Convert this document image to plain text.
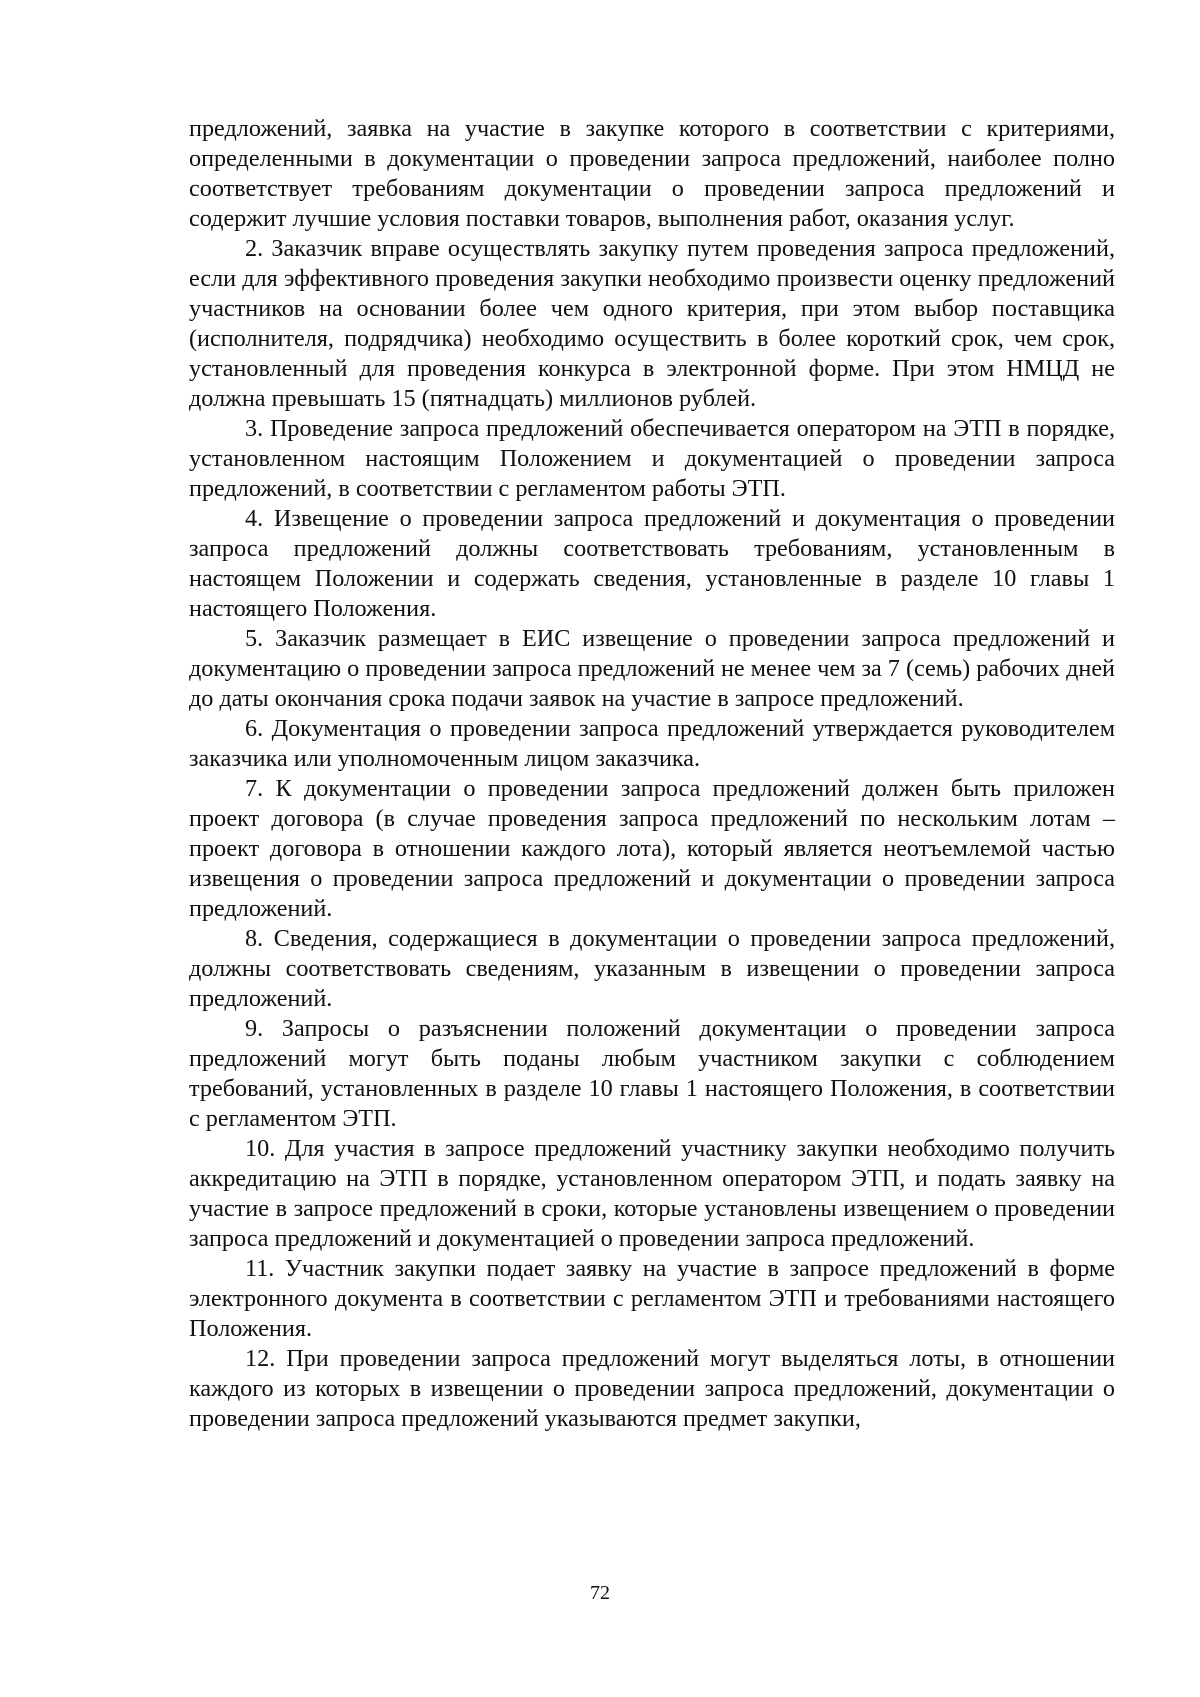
предложений, заявка на участие в закупке которого в соответствии с критериями, определенными в документации о проведении запроса предложений, наиболее полно соответствует требованиям документации о проведении запроса предложений и содержит лучшие условия поставки товаров, выполнения работ, оказания услуг.

2. Заказчик вправе осуществлять закупку путем проведения запроса предложений, если для эффективного проведения закупки необходимо произвести оценку предложений участников на основании более чем одного критерия, при этом выбор поставщика (исполнителя, подрядчика) необходимо осуществить в более короткий срок, чем срок, установленный для проведения конкурса в электронной форме. При этом НМЦД не должна превышать 15 (пятнадцать) миллионов рублей.

3. Проведение запроса предложений обеспечивается оператором на ЭТП в порядке, установленном настоящим Положением и документацией о проведении запроса предложений, в соответствии с регламентом работы ЭТП.

4. Извещение о проведении запроса предложений и документация о проведении запроса предложений должны соответствовать требованиям, установленным в настоящем Положении и содержать сведения, установленные в разделе 10 главы 1 настоящего Положения.

5. Заказчик размещает в ЕИС извещение о проведении запроса предложений и документацию о проведении запроса предложений не менее чем за 7 (семь) рабочих дней до даты окончания срока подачи заявок на участие в запросе предложений.

6. Документация о проведении запроса предложений утверждается руководителем заказчика или уполномоченным лицом заказчика.

7. К документации о проведении запроса предложений должен быть приложен проект договора (в случае проведения запроса предложений по нескольким лотам – проект договора в отношении каждого лота), который является неотъемлемой частью извещения о проведении запроса предложений и документации о проведении запроса предложений.

8. Сведения, содержащиеся в документации о проведении запроса предложений, должны соответствовать сведениям, указанным в извещении о проведении запроса предложений.

9. Запросы о разъяснении положений документации о проведении запроса предложений могут быть поданы любым участником закупки с соблюдением требований, установленных в разделе 10 главы 1 настоящего Положения, в соответствии с регламентом ЭТП.

10. Для участия в запросе предложений участнику закупки необходимо получить аккредитацию на ЭТП в порядке, установленном оператором ЭТП, и подать заявку на участие в запросе предложений в сроки, которые установлены извещением о проведении запроса предложений и документацией о проведении запроса предложений.

11. Участник закупки подает заявку на участие в запросе предложений в форме электронного документа в соответствии с регламентом ЭТП и требованиями настоящего Положения.

12. При проведении запроса предложений могут выделяться лоты, в отношении каждого из которых в извещении о проведении запроса предложений, документации о проведении запроса предложений указываются предмет закупки,

72
